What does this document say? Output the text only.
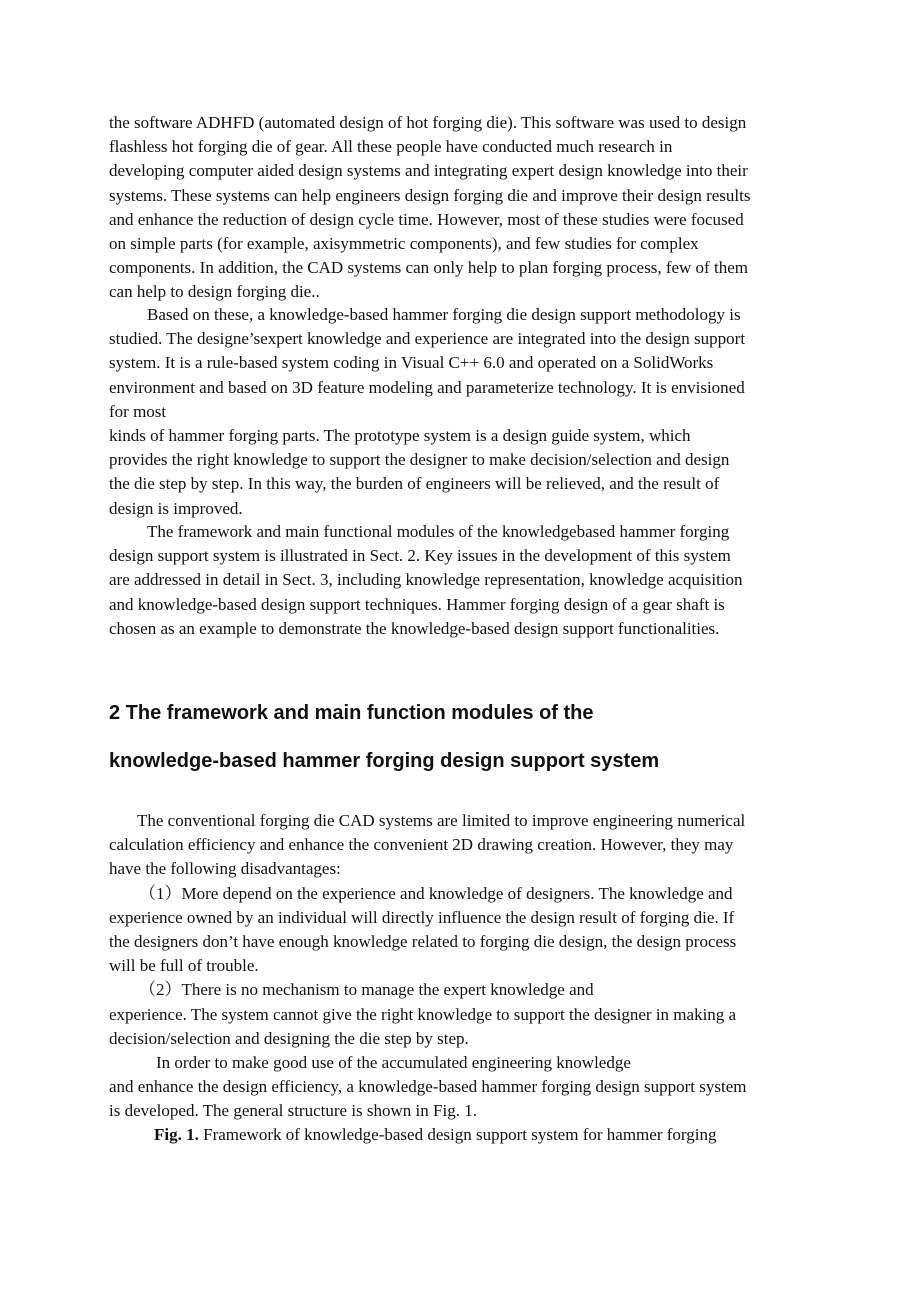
the software ADHFD (automated design of hot forging die). This software was used to design
flashless hot forging die of gear. All these people have conducted much research in
developing computer aided design systems and integrating expert design knowledge into their
systems. These systems can help engineers design forging die and improve their design results
and enhance the reduction of design cycle time. However, most of these studies were focused
on simple parts (for example, axisymmetric components), and few studies for complex
components. In addition, the CAD systems can only help to plan forging process, few of them
can help to design forging die..
Based on these, a knowledge-based hammer forging die design support methodology is
studied. The designe’sexpert knowledge and experience are integrated into the design support
system. It is a rule-based system coding in Visual C++ 6.0 and operated on a SolidWorks
environment and based on 3D feature modeling and parameterize technology. It is envisioned
for most
kinds of hammer forging parts. The prototype system is a design guide system, which
provides the right knowledge to support the designer to make decision/selection and design
the die step by step. In this way, the burden of engineers will be relieved, and the result of
design is improved.
The framework and main functional modules of the knowledgebased hammer forging
design support system is illustrated in Sect. 2. Key issues in the development of this system
are addressed in detail in Sect. 3, including knowledge representation, knowledge acquisition
and knowledge-based design support techniques. Hammer forging design of a gear shaft is
chosen as an example to demonstrate the knowledge-based design support functionalities.
2 The framework and main function modules of the
knowledge-based hammer forging design support system
The conventional forging die CAD systems are limited to improve engineering numerical
calculation efficiency and enhance the convenient 2D drawing creation. However, they may
have the following disadvantages:
（1）More depend on the experience and knowledge of designers. The knowledge and
experience owned by an individual will directly influence the design result of forging die. If
the designers don’t have enough knowledge related to forging die design, the design process
will be full of trouble.
（2）There is no mechanism to manage the expert knowledge and
experience. The system cannot give the right knowledge to support the designer in making a
decision/selection and designing the die step by step.
In order to make good use of the accumulated engineering knowledge
and enhance the design efficiency, a knowledge-based hammer forging design support system
is developed. The general structure is shown in Fig. 1.
Fig. 1. Framework of knowledge-based design support system for hammer forging
